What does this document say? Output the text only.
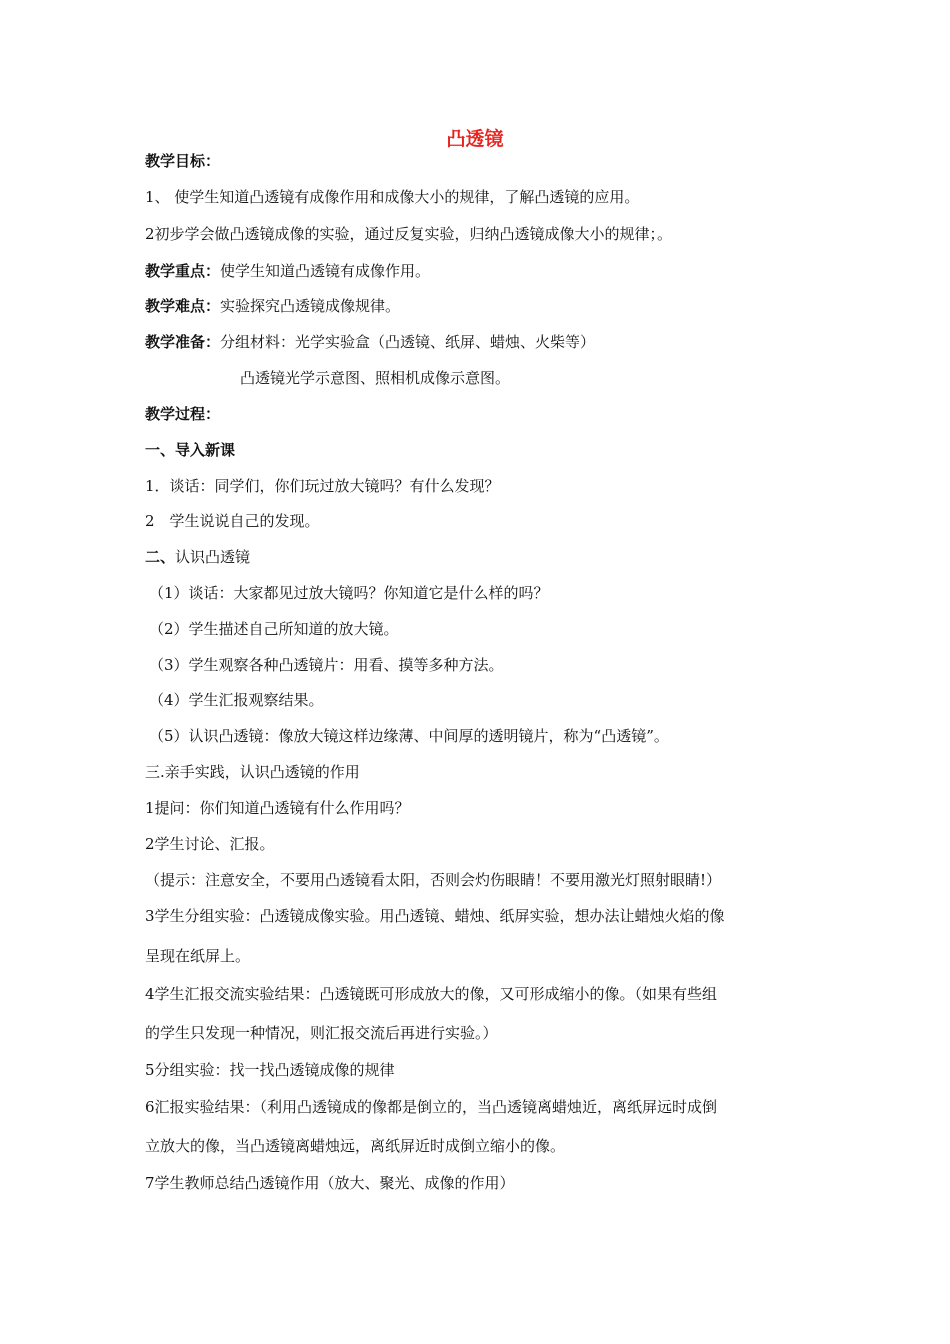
凸透镜
教学目标：
1、 使学生知道凸透镜有成像作用和成像大小的规律，了解凸透镜的应用。
2初步学会做凸透镜成像的实验，通过反复实验，归纳凸透镜成像大小的规律；。
教学重点：使学生知道凸透镜有成像作用。
教学难点：实验探究凸透镜成像规律。
教学准备：分组材料：光学实验盒（凸透镜、纸屏、蜡烛、火柴等）
凸透镜光学示意图、照相机成像示意图。
教学过程：
一、导入新课
1．谈话：同学们，你们玩过放大镜吗？有什么发现？
2　学生说说自己的发现。
二、认识凸透镜
（1）谈话：大家都见过放大镜吗？你知道它是什么样的吗？
（2）学生描述自己所知道的放大镜。
（3）学生观察各种凸透镜片：用看、摸等多种方法。
（4）学生汇报观察结果。
（5）认识凸透镜：像放大镜这样边缘薄、中间厚的透明镜片，称为“凸透镜”。
三.亲手实践，认识凸透镜的作用
1提问：你们知道凸透镜有什么作用吗？
2学生讨论、汇报。
（提示：注意安全，不要用凸透镜看太阳，否则会灼伤眼睛！不要用激光灯照射眼睛!）
3学生分组实验：凸透镜成像实验。用凸透镜、蜡烛、纸屏实验，想办法让蜡烛火焰的像
呈现在纸屏上。
4学生汇报交流实验结果：凸透镜既可形成放大的像，又可形成缩小的像。（如果有些组
的学生只发现一种情况，则汇报交流后再进行实验。）
5分组实验：找一找凸透镜成像的规律
6汇报实验结果：（利用凸透镜成的像都是倒立的，当凸透镜离蜡烛近，离纸屏远时成倒
立放大的像，当凸透镜离蜡烛远，离纸屏近时成倒立缩小的像。
7学生教师总结凸透镜作用（放大、聚光、成像的作用）
